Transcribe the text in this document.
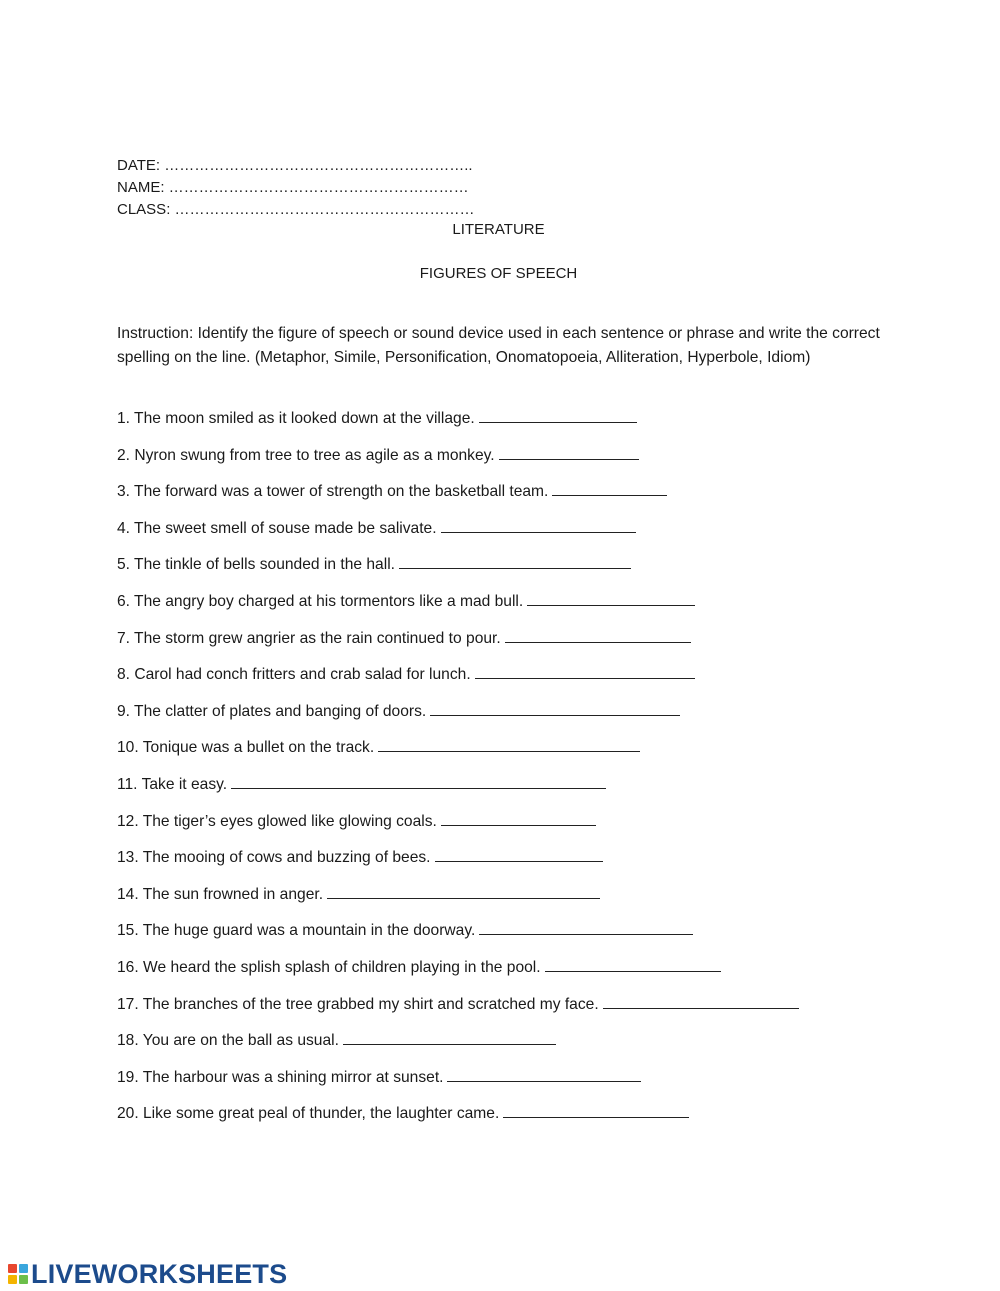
DATE: ……………………………………………………..
NAME: ……………………………………………………
CLASS: ……………………………………………………
LITERATURE
FIGURES OF SPEECH
Instruction: Identify the figure of speech or sound device used in each sentence or phrase and write the correct spelling on the line. (Metaphor, Simile, Personification, Onomatopoeia, Alliteration, Hyperbole, Idiom)
1. The moon smiled as it looked down at the village.
2. Nyron swung from tree to tree as agile as a monkey.
3. The forward was a tower of strength on the basketball team.
4. The sweet smell of souse made be salivate.
5. The tinkle of bells sounded in the hall.
6. The angry boy charged at his tormentors like a mad bull.
7. The storm grew angrier as the rain continued to pour.
8. Carol had conch fritters and crab salad for lunch.
9. The clatter of plates and banging of doors.
10. Tonique was a bullet on the track.
11. Take it easy.
12. The tiger’s eyes glowed like glowing coals.
13. The mooing of cows and buzzing of bees.
14. The sun frowned in anger.
15. The huge guard was a mountain in the doorway.
16. We heard the splish splash of children playing in the pool.
17. The branches of the tree grabbed my shirt and scratched my face.
18. You are on the ball as usual.
19. The harbour was a shining mirror at sunset.
20. Like some great peal of thunder, the laughter came.
LIVEWORKSHEETS
